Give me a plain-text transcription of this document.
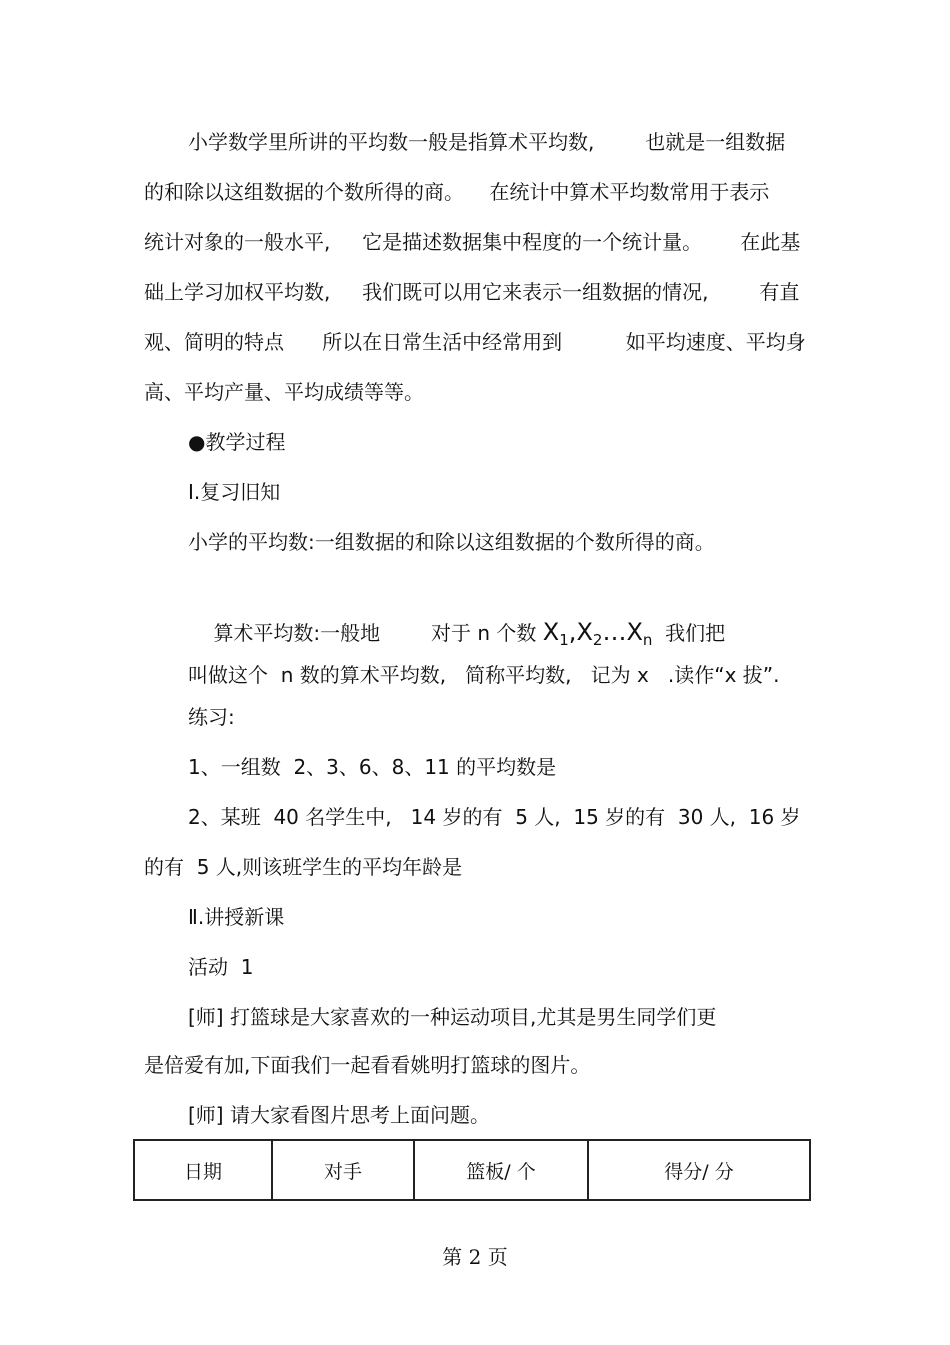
小学数学里所讲的平均数一般是指算术平均数,        也就是一组数据
的和除以这组数据的个数所得的商。    在统计中算术平均数常用于表示
统计对象的一般水平,     它是描述数据集中程度的一个统计量。      在此基
础上学习加权平均数,     我们既可以用它来表示一组数据的情况,        有直
观、简明的特点      所以在日常生活中经常用到          如平均速度、平均身
高、平均产量、平均成绩等等。
●教学过程
Ⅰ.复习旧知
小学的平均数:一组数据的和除以这组数据的个数所得的商。

算术平均数:一般地        对于 n 个数 $X_1,X_2\dots X_n$  我们把

叫做这个  n 数的算术平均数,   简称平均数,   记为 x   .读作“x 拔”.
练习:
1、一组数  2、3、6、8、11 的平均数是
2、某班  40 名学生中,   14 岁的有  5 人,  15 岁的有  30 人,  16 岁
的有  5 人,则该班学生的平均年龄是
Ⅱ.讲授新课
活动  1
[师] 打篮球是大家喜欢的一种运动项目,尤其是男生同学们更
是倍爱有加,下面我们一起看看姚明打篮球的图片。
[师] 请大家看图片思考上面问题。
日期	对手	篮板/ 个	得分/ 分
第 2 页
